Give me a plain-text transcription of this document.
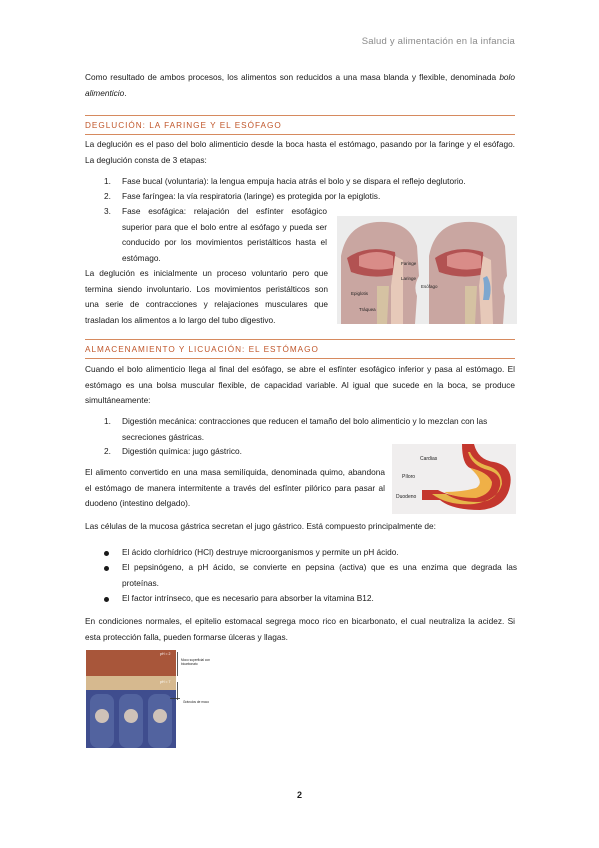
Salud y alimentación en la infancia

Como resultado de ambos procesos, los alimentos son reducidos a una masa blanda y flexible, denominada bolo alimenticio.

DEGLUCIÓN: LA FARINGE Y EL ESÓFAGO

La deglución es el paso del bolo alimenticio desde la boca hasta el estómago, pasando por la faringe y el esófago. La deglución consta de 3 etapas:

1. Fase bucal (voluntaria): la lengua empuja hacia atrás el bolo y se dispara el reflejo deglutorio.

2. Fase faríngea: la vía respiratoria (laringe) es protegida por la epiglotis.

3. Fase esofágica: relajación del esfínter esofágico superior para que el bolo entre al esófago y pueda ser conducido por los movimientos peristálticos hasta el estómago.

Faringe
Laringe
Esófago
Epiglotis
Tráquea

La deglución es inicialmente un proceso voluntario pero que termina siendo involuntario. Los movimientos peristálticos son una serie de contracciones y relajaciones musculares que trasladan los alimentos a lo largo del tubo digestivo.

ALMACENAMIENTO Y LICUACIÓN: EL ESTÓMAGO

Cuando el bolo alimenticio llega al final del esófago, se abre el esfínter esofágico inferior y pasa al estómago. El estómago es una bolsa muscular flexible, de capacidad variable. Al igual que sucede en la boca, se produce simultáneamente:

1. Digestión mecánica: contracciones que reducen el tamaño del bolo alimenticio y lo mezclan con las secreciones gástricas.

2. Digestión química: jugo gástrico.

Cardias
Píloro
Duodeno

El alimento convertido en una masa semilíquida, denominada quimo, abandona el estómago de manera intermitente a través del esfínter pilórico para pasar al duodeno (intestino delgado).

Las células de la mucosa gástrica secretan el jugo gástrico. Está compuesto principalmente de:

El ácido clorhídrico (HCl) destruye microorganismos y permite un pH ácido.

El pepsinógeno, a pH ácido, se convierte en pepsina (activa) que es una enzima que degrada las proteínas.

El factor intrínseco, que es necesario para absorber la vitamina B12.

En condiciones normales, el epitelio estomacal segrega moco rico en bicarbonato, el cual neutraliza la acidez. Si esta protección falla, pueden formarse úlceras y llagas.

pH = 2
pH = 7
Moco superficial con bicarbonato
Gránulos de moco
2
